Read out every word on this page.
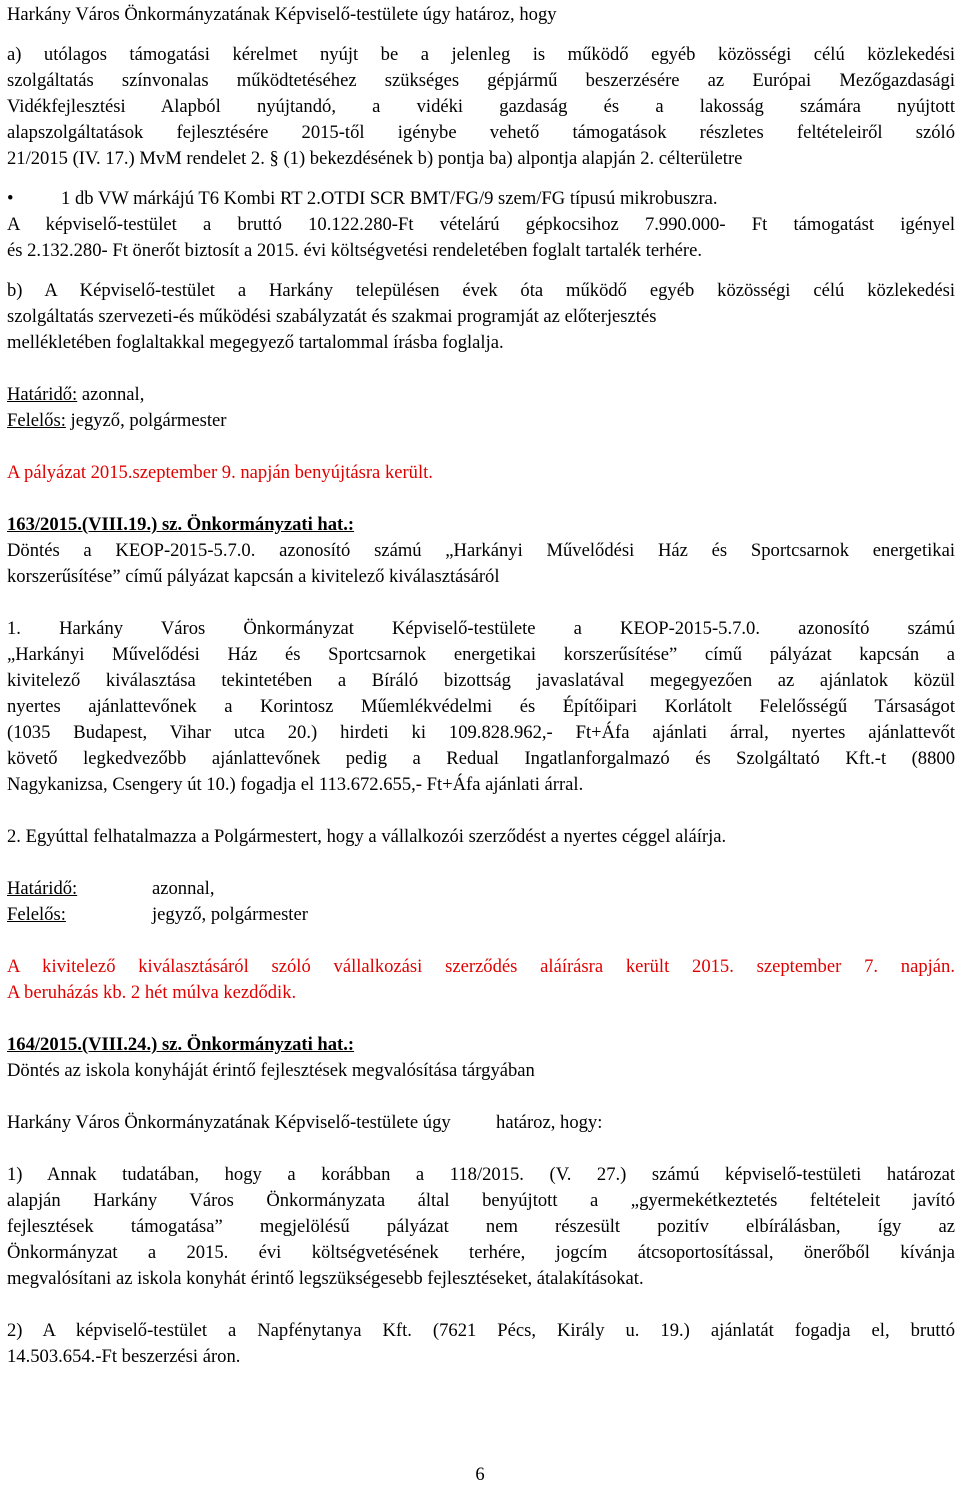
Harkány Város Önkormányzatának Képviselő-testülete úgy határoz, hogy
a) utólagos támogatási kérelmet nyújt be a jelenleg is működő egyéb közösségi célú közlekedési
szolgáltatás színvonalas működtetéséhez szükséges gépjármű beszerzésére az Európai Mezőgazdasági
Vidékfejlesztési Alapból nyújtandó, a vidéki gazdaság és a lakosság számára nyújtott
alapszolgáltatások fejlesztésére 2015-től igénybe vehető támogatások részletes feltételeiről szóló
21/2015 (IV. 17.) MvM rendelet 2. § (1) bekezdésének b) pontja ba) alpontja alapján 2. célterületre
•	1 db VW márkájú T6 Kombi RT 2.OTDI SCR BMT/FG/9 szem/FG típusú mikrobuszra.
A képviselő-testület a bruttó 10.122.280-Ft vételárú gépkocsihoz 7.990.000- Ft támogatást igényel
és 2.132.280- Ft önerőt biztosít a 2015. évi költségvetési rendeletében foglalt tartalék terhére.
b) A Képviselő-testület a Harkány településen évek óta működő egyéb közösségi célú közlekedési
szolgáltatás szervezeti-és működési szabályzatát és szakmai programját az előterjesztés
mellékletében foglaltakkal megegyező tartalommal írásba foglalja.
Határidő: azonnal,
Felelős: jegyző, polgármester
A pályázat 2015.szeptember 9. napján benyújtásra került.
163/2015.(VIII.19.) sz. Önkormányzati hat.:
Döntés a KEOP-2015-5.7.0. azonosító számú „Harkányi Művelődési Ház és Sportcsarnok energetikai
korszerűsítése” című pályázat kapcsán a kivitelező kiválasztásáról
1. Harkány Város Önkormányzat Képviselő-testülete a KEOP-2015-5.7.0. azonosító számú
„Harkányi Művelődési Ház és Sportcsarnok energetikai korszerűsítése” című pályázat kapcsán a
kivitelező kiválasztása tekintetében a Bíráló bizottság javaslatával megegyezően az ajánlatok közül
nyertes ajánlattevőnek a Korintosz Műemlékvédelmi és Építőipari Korlátolt Felelősségű Társaságot
(1035 Budapest, Vihar utca 20.) hirdeti ki 109.828.962,- Ft+Áfa ajánlati árral, nyertes ajánlattevőt
követő legkedvezőbb ajánlattevőnek pedig a Redual Ingatlanforgalmazó és Szolgáltató Kft.-t (8800
Nagykanizsa, Csengery út 10.) fogadja el 113.672.655,- Ft+Áfa ajánlati árral.
2. Egyúttal felhatalmazza a Polgármestert, hogy a vállalkozói szerződést a nyertes céggel aláírja.
Határidő:	azonnal,
Felelős:	jegyző, polgármester
A kivitelező kiválasztásáról szóló vállalkozási szerződés aláírásra került 2015. szeptember 7. napján.
A beruházás kb. 2 hét múlva kezdődik.
164/2015.(VIII.24.) sz. Önkormányzati hat.:
Döntés az iskola konyháját érintő fejlesztések megvalósítása tárgyában
Harkány Város Önkormányzatának Képviselő-testülete úgy határoz, hogy:
1) Annak tudatában, hogy a korábban a 118/2015. (V. 27.) számú képviselő-testületi határozat
alapján Harkány Város Önkormányzata által benyújtott a „gyermekétkeztetés feltételeit javító
fejlesztések támogatása” megjelölésű pályázat nem részesült pozitív elbírálásban, így az
Önkormányzat a 2015. évi költségvetésének terhére, jogcím átcsoportosítással, önerőből kívánja
megvalósítani az iskola konyhát érintő legszükségesebb fejlesztéseket, átalakításokat.
2) A képviselő-testület a Napfénytanya Kft. (7621 Pécs, Király u. 19.) ajánlatát fogadja el, bruttó
14.503.654.-Ft beszerzési áron.
6
